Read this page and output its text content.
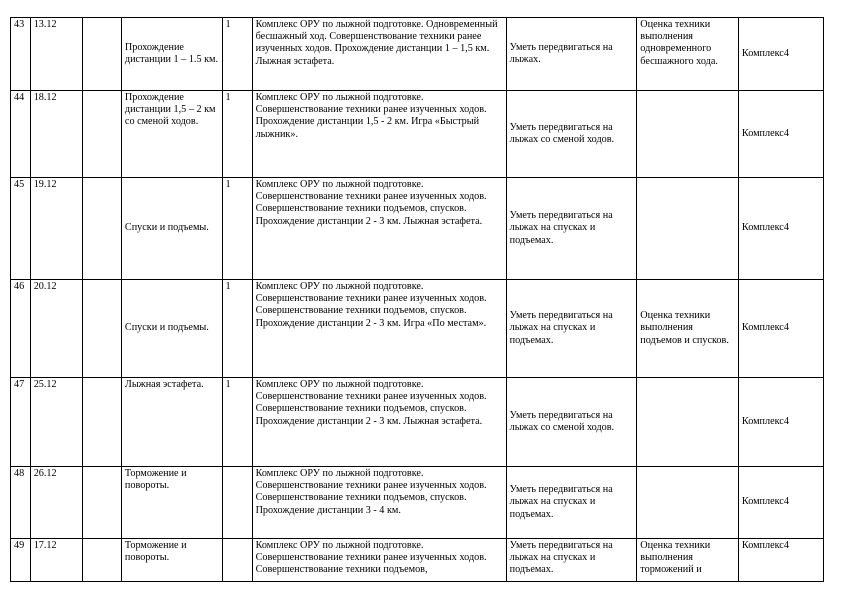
43	13.12		Прохождение дистанции 1 – 1.5 км.	1	Комплекс ОРУ по лыжной подготовке. Одновременный бесшажный ход. Совершенствование техники ранее изученных ходов. Прохождение дистанции 1 – 1,5 км. Лыжная эстафета.	Уметь передвигаться на лыжах.	Оценка техники выполнения одновременного бесшажного хода.	Комплекс4
44	18.12		Прохождение дистанции 1,5 – 2 км со сменой ходов.	1	Комплекс ОРУ по лыжной подготовке. Совершенствование техники ранее изученных ходов. Прохождение дистанции 1,5 - 2 км. Игра «Быстрый лыжник».	Уметь передвигаться на лыжах со сменой ходов.		Комплекс4
45	19.12		Спуски и подъемы.	1	Комплекс ОРУ по лыжной подготовке. Совершенствование техники ранее изученных ходов. Совершенствование техники подъемов, спусков. Прохождение дистанции 2 - 3 км. Лыжная эстафета.	Уметь передвигаться на лыжах на спусках и подъемах.		Комплекс4
46	20.12		Спуски и подъемы.	1	Комплекс ОРУ по лыжной подготовке. Совершенствование техники ранее изученных ходов. Совершенствование техники подъемов, спусков. Прохождение дистанции 2 - 3 км. Игра «По местам».	Уметь передвигаться на лыжах на спусках и подъемах.	Оценка техники выполнения подъемов и спусков.	Комплекс4
47	25.12		Лыжная эстафета.	1	Комплекс ОРУ по лыжной подготовке. Совершенствование техники ранее изученных ходов. Совершенствование техники подъемов, спусков. Прохождение дистанции 2 - 3 км. Лыжная эстафета.	Уметь передвигаться на лыжах со сменой ходов.		Комплекс4
48	26.12		Торможение и повороты.		Комплекс ОРУ по лыжной подготовке. Совершенствование техники ранее изученных ходов. Совершенствование техники подъемов, спусков. Прохождение дистанции 3 - 4 км.	Уметь передвигаться на лыжах на спусках и подъемах.		Комплекс4
49	17.12		Торможение и повороты.		Комплекс ОРУ по лыжной подготовке. Совершенствование техники ранее изученных ходов. Совершенствование техники подъемов,	Уметь передвигаться на лыжах на спусках и подъемах.	Оценка техники выполнения торможений и	Комплекс4
